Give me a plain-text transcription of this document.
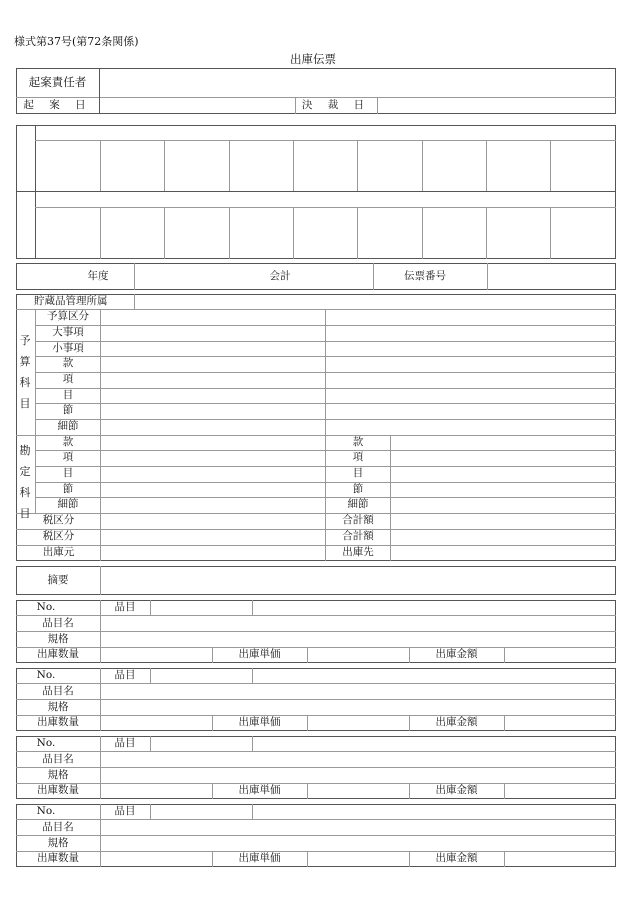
様式第37号(第72条関係)
出庫伝票
起案責任者
起 案 日	決 裁 日
年度	会計	伝票番号
貯蔵品管理所属
予算科目
予算区分
大事項
小事項
款
項
目
節
細節
勘定科目
款	款
項	項
目	目
節	節
細節	細節
税区分	合計額
税区分	合計額
出庫元	出庫先
摘要
No.	品目
品目名
規格
出庫数量	出庫単価	出庫金額
No.	品目
品目名
規格
出庫数量	出庫単価	出庫金額
No.	品目
品目名
規格
出庫数量	出庫単価	出庫金額
No.	品目
品目名
規格
出庫数量	出庫単価	出庫金額
